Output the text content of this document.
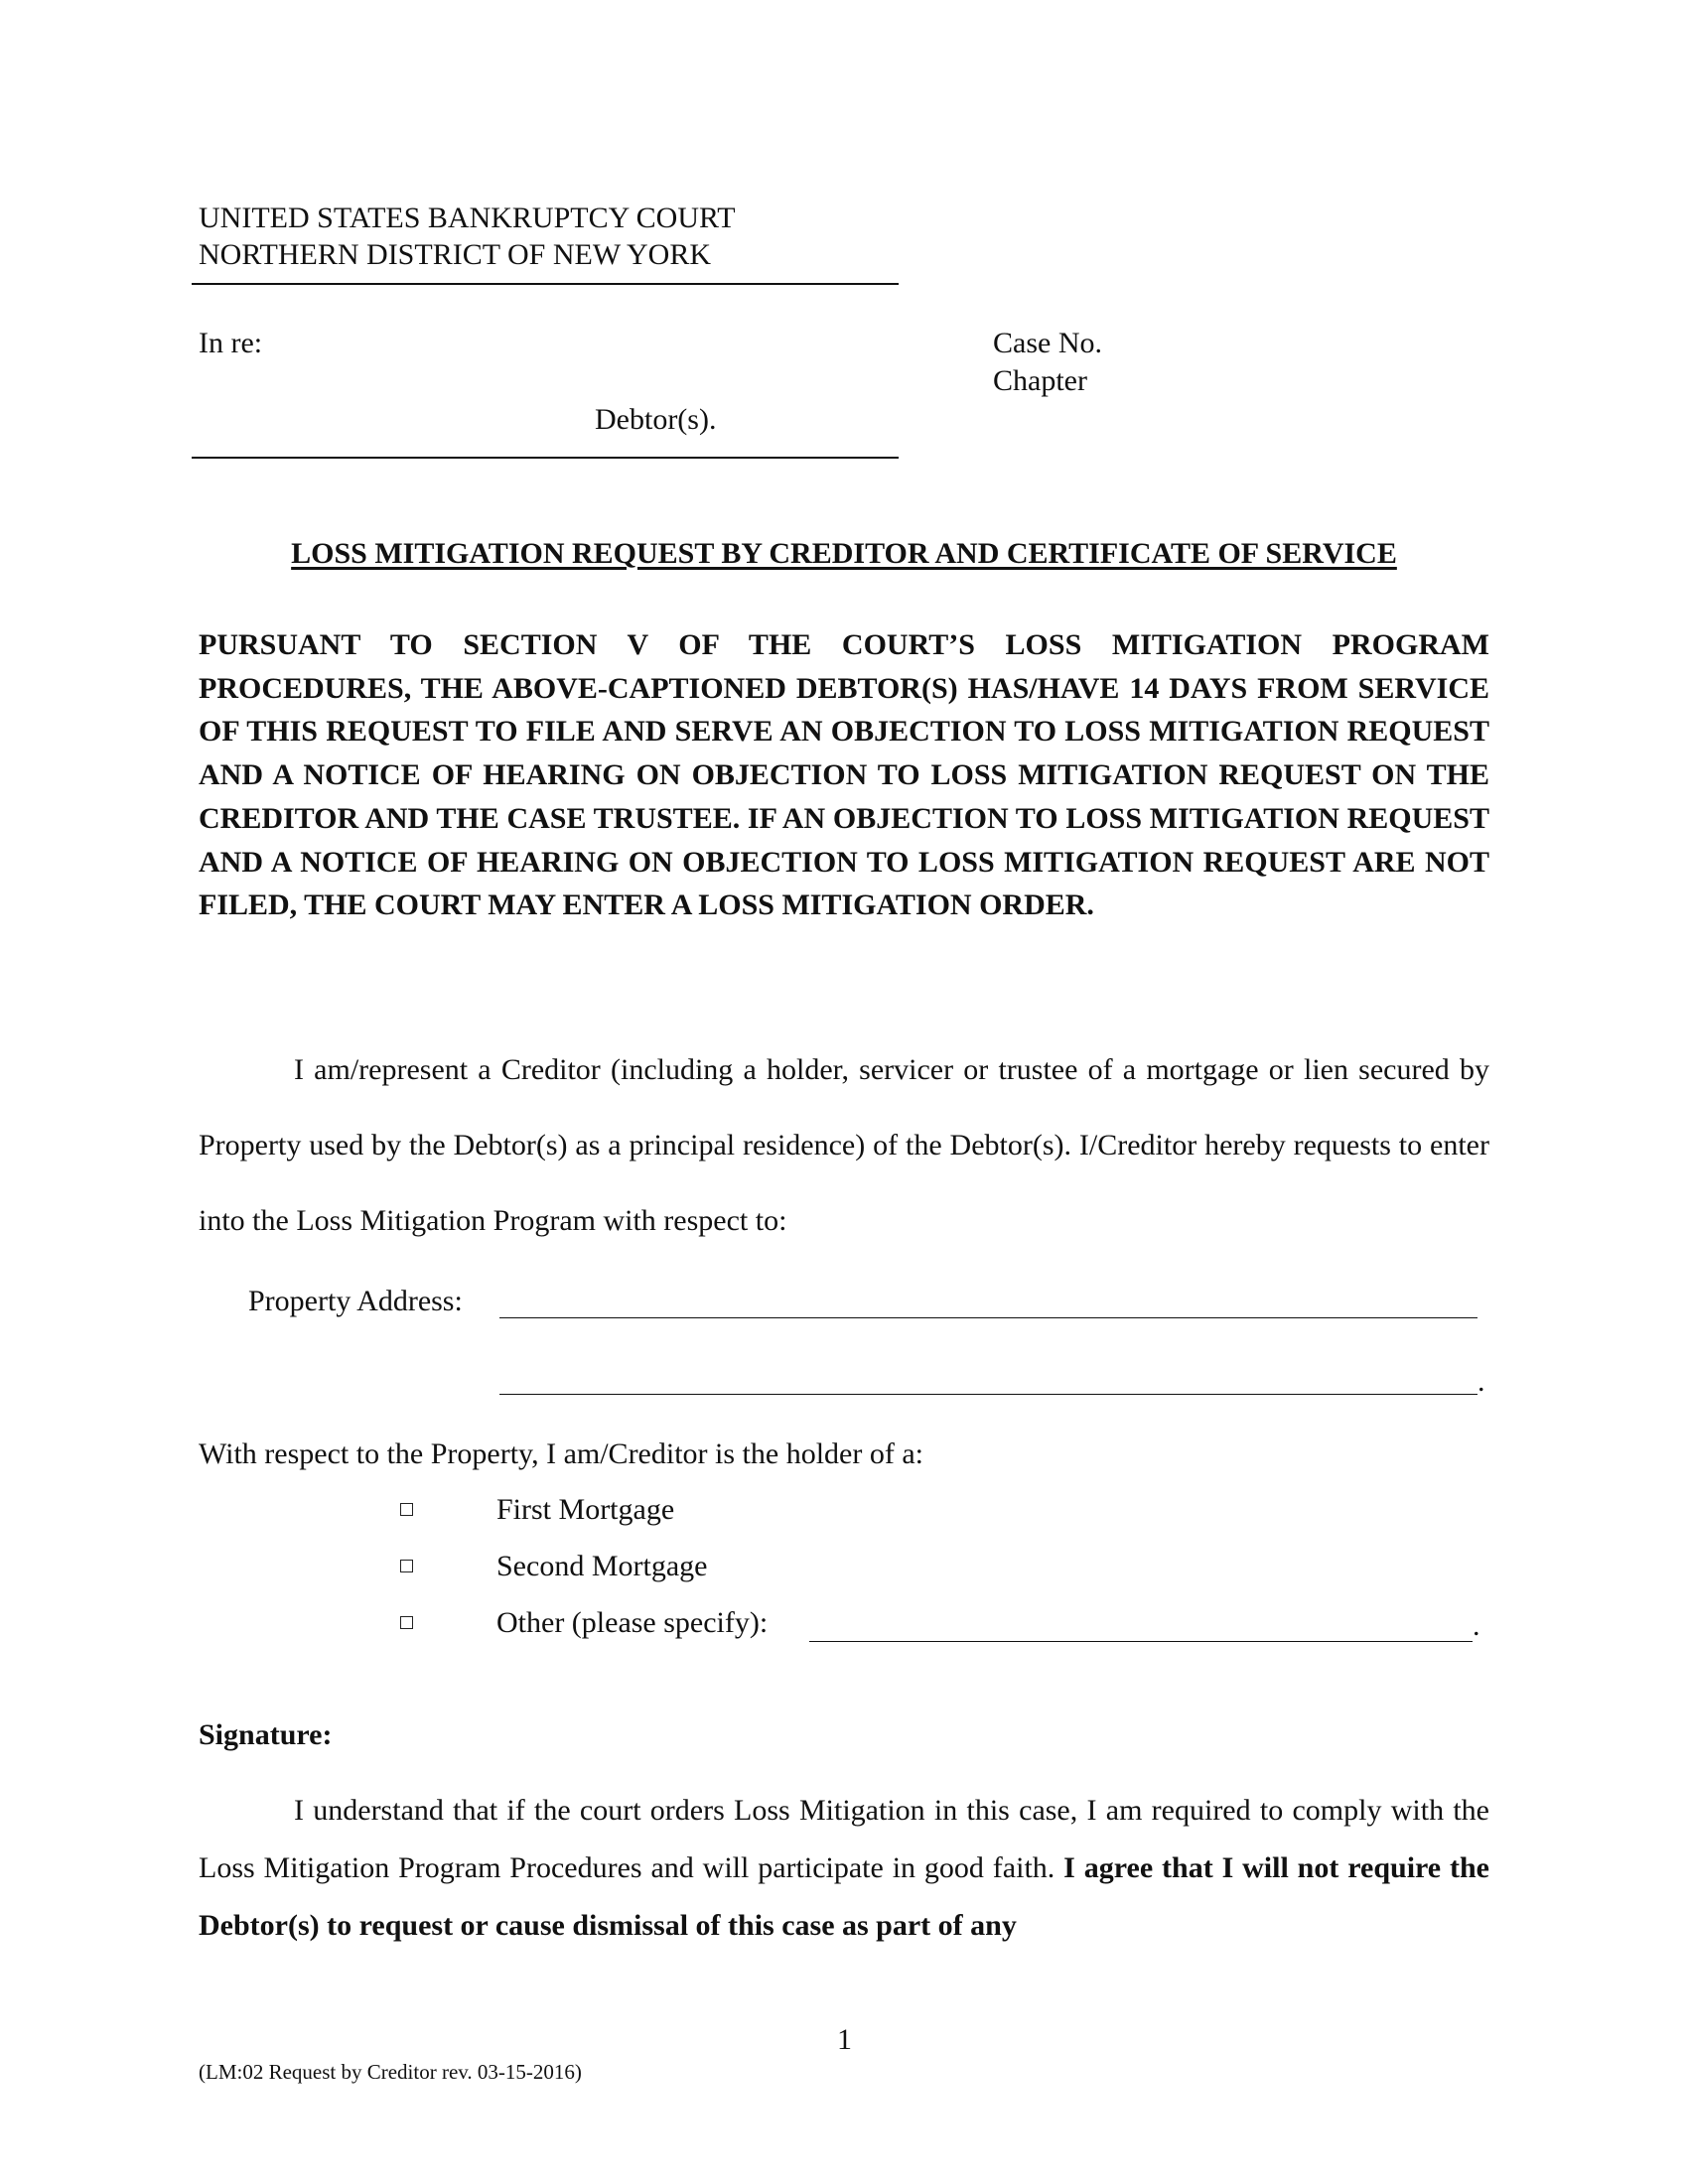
UNITED STATES BANKRUPTCY COURT
NORTHERN DISTRICT OF NEW YORK
In re:	Case No.
Chapter
Debtor(s).
LOSS MITIGATION REQUEST BY CREDITOR AND CERTIFICATE OF SERVICE
PURSUANT TO SECTION V OF THE COURT’S LOSS MITIGATION PROGRAM PROCEDURES, THE ABOVE-CAPTIONED DEBTOR(S) HAS/HAVE 14 DAYS FROM SERVICE OF THIS REQUEST TO FILE AND SERVE AN OBJECTION TO LOSS MITIGATION REQUEST AND A NOTICE OF HEARING ON OBJECTION TO LOSS MITIGATION REQUEST ON THE CREDITOR AND THE CASE TRUSTEE. IF AN OBJECTION TO LOSS MITIGATION REQUEST AND A NOTICE OF HEARING ON OBJECTION TO LOSS MITIGATION REQUEST ARE NOT FILED, THE COURT MAY ENTER A LOSS MITIGATION ORDER.
I am/represent a Creditor (including a holder, servicer or trustee of a mortgage or lien secured by Property used by the Debtor(s) as a principal residence) of the Debtor(s). I/Creditor hereby requests to enter into the Loss Mitigation Program with respect to:
Property Address:
.
With respect to the Property, I am/Creditor is the holder of a:
First Mortgage
Second Mortgage
Other (please specify):	.
Signature:
I understand that if the court orders Loss Mitigation in this case, I am required to comply with the Loss Mitigation Program Procedures and will participate in good faith. I agree that I will not require the Debtor(s) to request or cause dismissal of this case as part of any
1
(LM:02 Request by Creditor rev. 03-15-2016)
